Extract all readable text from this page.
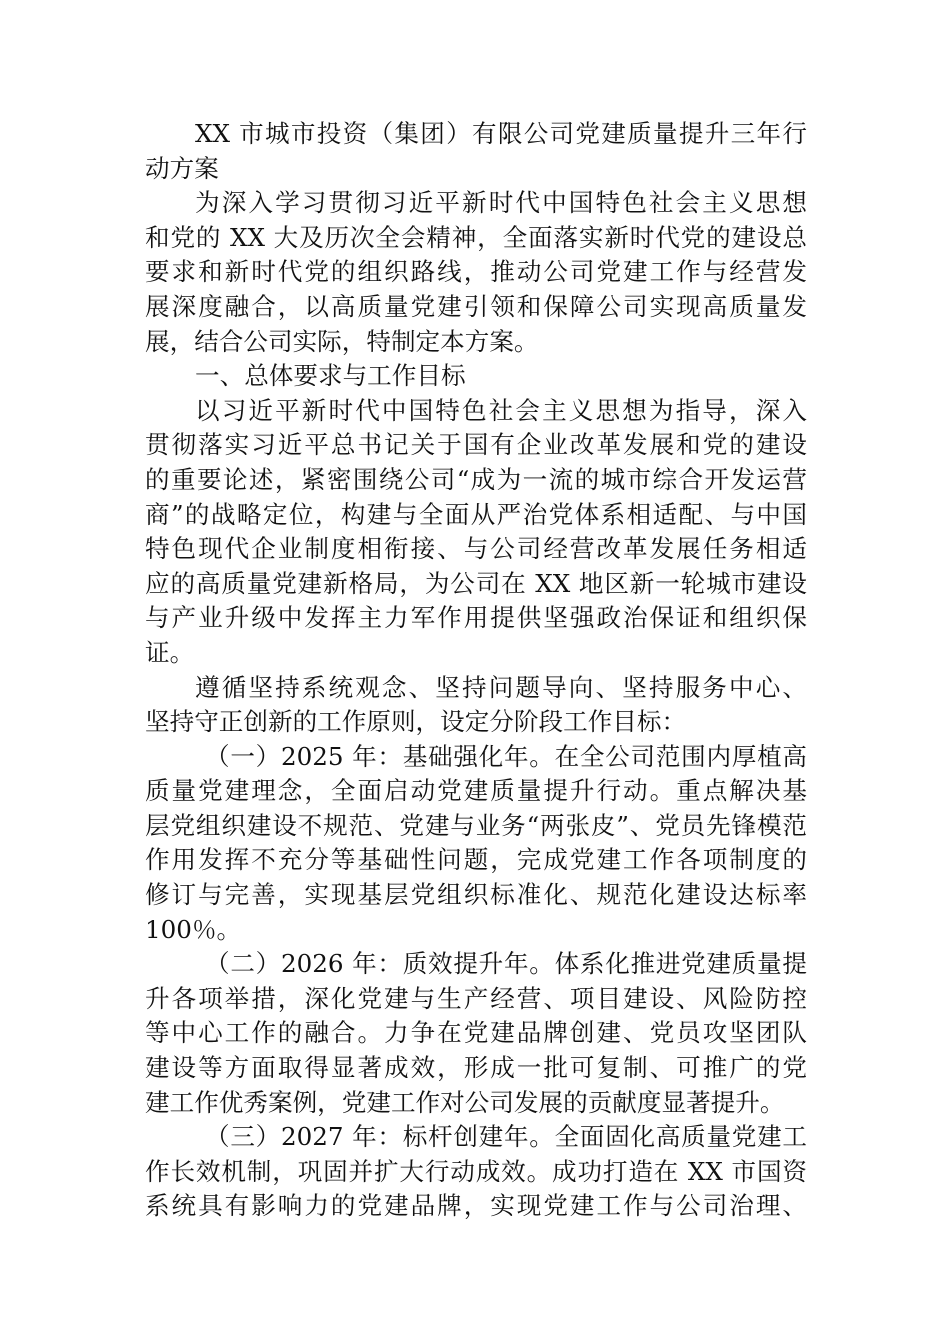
XX 市城市投资（集团）有限公司党建质量提升三年行
动方案
为深入学习贯彻习近平新时代中国特色社会主义思想
和党的 XX 大及历次全会精神，全面落实新时代党的建设总
要求和新时代党的组织路线，推动公司党建工作与经营发
展深度融合，以高质量党建引领和保障公司实现高质量发
展，结合公司实际，特制定本方案。
一、总体要求与工作目标
以习近平新时代中国特色社会主义思想为指导，深入
贯彻落实习近平总书记关于国有企业改革发展和党的建设
的重要论述，紧密围绕公司“成为一流的城市综合开发运营
商”的战略定位，构建与全面从严治党体系相适配、与中国
特色现代企业制度相衔接、与公司经营改革发展任务相适
应的高质量党建新格局，为公司在 XX 地区新一轮城市建设
与产业升级中发挥主力军作用提供坚强政治保证和组织保
证。
遵循坚持系统观念、坚持问题导向、坚持服务中心、
坚持守正创新的工作原则，设定分阶段工作目标：
（一）2025 年：基础强化年。在全公司范围内厚植高
质量党建理念，全面启动党建质量提升行动。重点解决基
层党组织建设不规范、党建与业务“两张皮”、党员先锋模范
作用发挥不充分等基础性问题，完成党建工作各项制度的
修订与完善，实现基层党组织标准化、规范化建设达标率
100％。
（二）2026 年：质效提升年。体系化推进党建质量提
升各项举措，深化党建与生产经营、项目建设、风险防控
等中心工作的融合。力争在党建品牌创建、党员攻坚团队
建设等方面取得显著成效，形成一批可复制、可推广的党
建工作优秀案例，党建工作对公司发展的贡献度显著提升。
（三）2027 年：标杆创建年。全面固化高质量党建工
作长效机制，巩固并扩大行动成效。成功打造在 XX 市国资
系统具有影响力的党建品牌，实现党建工作与公司治理、
